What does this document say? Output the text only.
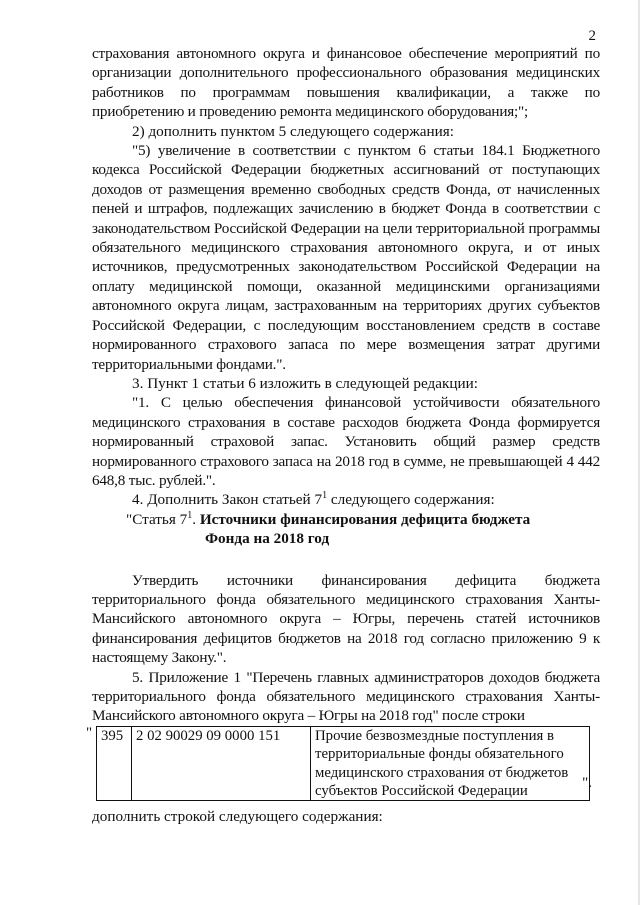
2

страхования автономного округа и финансовое обеспечение мероприятий по организации дополнительного профессионального образования медицинских работников по программам повышения квалификации, а также по приобретению и проведению ремонта медицинского оборудования;";

2) дополнить пунктом 5 следующего содержания:

"5) увеличение в соответствии с пунктом 6 статьи 184.1 Бюджетного кодекса Российской Федерации бюджетных ассигнований от поступающих доходов от размещения временно свободных средств Фонда, от начисленных пеней и штрафов, подлежащих зачислению в бюджет Фонда в соответствии с законодательством Российской Федерации на цели территориальной программы обязательного медицинского страхования автономного округа, и от иных источников, предусмотренных законодательством Российской Федерации на оплату медицинской помощи, оказанной медицинскими организациями автономного округа лицам, застрахованным на территориях других субъектов Российской Федерации, с последующим восстановлением средств в составе нормированного страхового запаса по мере возмещения затрат другими территориальными фондами.".

3. Пункт 1 статьи 6 изложить в следующей редакции:

"1. С целью обеспечения финансовой устойчивости обязательного медицинского страхования в составе расходов бюджета Фонда формируется нормированный страховой запас. Установить общий размер средств нормированного страхового запаса на 2018 год в сумме, не превышающей 4 442 648,8 тыс. рублей.".

4. Дополнить Закон статьей $7^1$ следующего содержания:

"Статья $7^1$. Источники финансирования дефицита бюджета

Фонда на 2018 год

Утвердить источники финансирования дефицита бюджета территориального фонда обязательного медицинского страхования Ханты-Мансийского автономного округа – Югры, перечень статей источников финансирования дефицитов бюджетов на 2018 год согласно приложению 9 к настоящему Закону.".

5. Приложение 1 "Перечень главных администраторов доходов бюджета территориального фонда обязательного медицинского страхования Ханты-Мансийского автономного округа – Югры на 2018 год" после строки

" 395	2 02 90029 09 0000 151	Прочие безвозмездные поступления в территориальные фонды обязательного медицинского страхования от бюджетов субъектов Российской Федерации
".

дополнить строкой следующего содержания:
